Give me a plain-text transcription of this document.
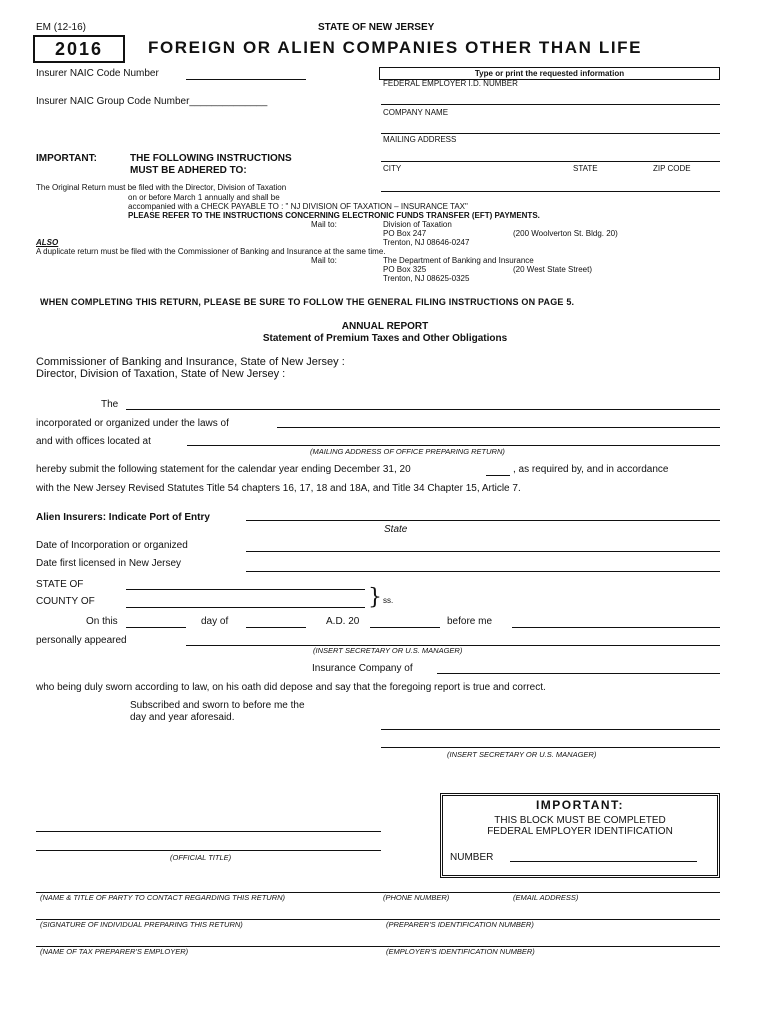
EM (12-16)	STATE OF NEW JERSEY
2016	FOREIGN OR ALIEN COMPANIES OTHER THAN LIFE
Insurer NAIC Code Number
Insurer NAIC Group Code Number______________
Type or print the requested information
FEDERAL EMPLOYER I.D. NUMBER
COMPANY NAME
MAILING ADDRESS
CITY	STATE	ZIP CODE
IMPORTANT:	THE FOLLOWING INSTRUCTIONS
MUST BE ADHERED TO:
The Original Return must be filed with the Director, Division of Taxation
on or before March 1 annually and shall be
accompanied with a CHECK PAYABLE TO : " NJ DIVISION OF TAXATION – INSURANCE TAX"
PLEASE REFER TO THE INSTRUCTIONS CONCERNING ELECTRONIC FUNDS TRANSFER (EFT) PAYMENTS.
Mail to:	Division of Taxation
PO Box 247	(200 Woolverton St. Bldg. 20)
Trenton, NJ 08646-0247
ALSO
A duplicate return must be filed with the Commissioner of Banking and Insurance at the same time.
Mail to:	The Department of Banking and Insurance
PO Box 325	(20 West State Street)
Trenton, NJ 08625-0325
WHEN COMPLETING THIS RETURN, PLEASE BE SURE TO FOLLOW THE GENERAL FILING INSTRUCTIONS ON PAGE 5.
ANNUAL REPORT
Statement of Premium Taxes and Other Obligations
Commissioner of Banking and Insurance, State of New Jersey :
Director, Division of Taxation, State of New Jersey :
The
incorporated or organized under the laws of
and with offices located at
(MAILING ADDRESS OF OFFICE PREPARING RETURN)
hereby submit the following statement for the calendar year ending December 31, 20	, as required by, and in accordance
with the New Jersey Revised Statutes Title 54 chapters 16, 17, 18 and 18A, and Title 34 Chapter 15, Article 7.
Alien Insurers: Indicate Port of Entry
State
Date of Incorporation or organized
Date first licensed in New Jersey
STATE OF
COUNTY OF	} ss.
On this	day of	A.D. 20	before me
personally appeared
(INSERT SECRETARY OR U.S. MANAGER)
Insurance Company of
who being duly sworn according to law, on his oath did depose and say that the foregoing report is true and correct.
Subscribed and sworn to before me the
day and year aforesaid.
(INSERT SECRETARY OR U.S. MANAGER)
IMPORTANT:
THIS BLOCK MUST BE COMPLETED
FEDERAL EMPLOYER IDENTIFICATION
NUMBER
(OFFICIAL TITLE)
(NAME & TITLE OF PARTY TO CONTACT REGARDING THIS RETURN)	(PHONE NUMBER)	(EMAIL ADDRESS)
(SIGNATURE OF INDIVIDUAL PREPARING THIS RETURN)	(PREPARER'S IDENTIFICATION NUMBER)
(NAME OF TAX PREPARER'S EMPLOYER)	(EMPLOYER'S IDENTIFICATION NUMBER)
